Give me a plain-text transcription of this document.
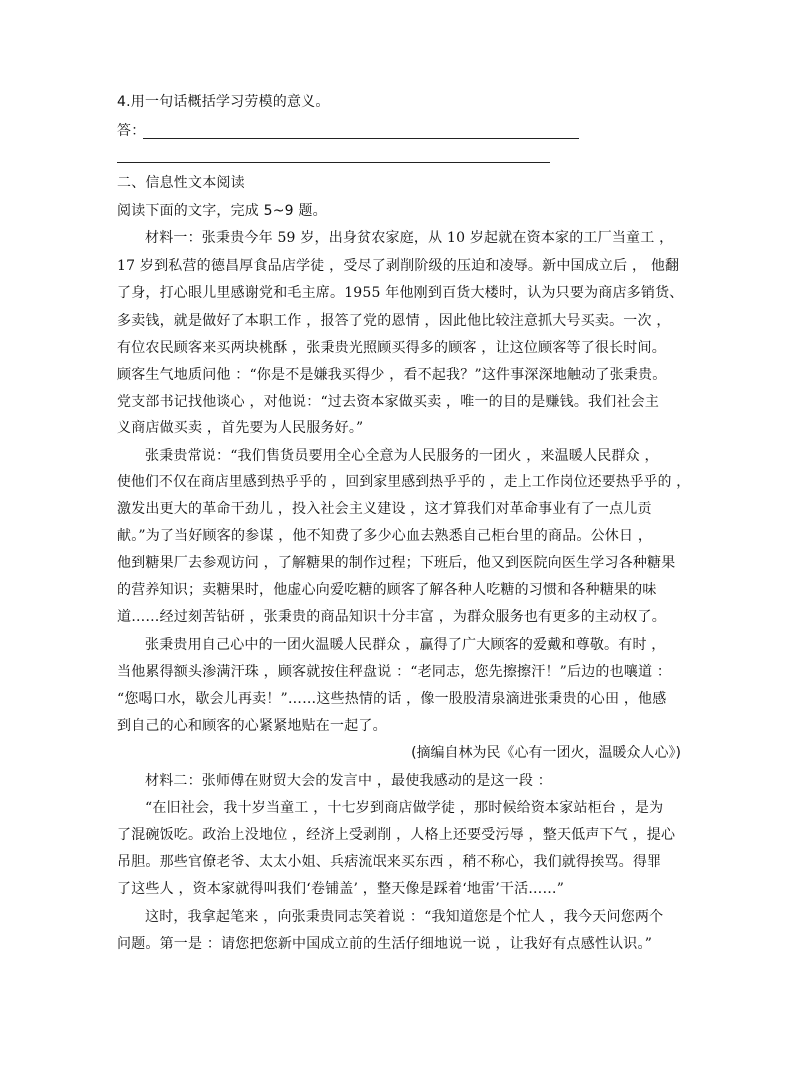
4.用一句话概括学习劳模的意义。
答：
二、信息性文本阅读
阅读下面的文字，完成 5~9 题。
材料一：张秉贵今年 59 岁，出身贫农家庭，从 10 岁起就在资本家的工厂当童工 ，
17 岁到私营的德昌厚食品店学徒 ，受尽了剥削阶级的压迫和凌辱。新中国成立后 ， 他翻
了身，打心眼儿里感谢党和毛主席。1955 年他刚到百货大楼时，认为只要为商店多销货、
多卖钱，就是做好了本职工作 ，报答了党的恩情 ，因此他比较注意抓大号买卖。一次 ，
有位农民顾客来买两块桃酥 ，张秉贵光照顾买得多的顾客 ，让这位顾客等了很长时间。
顾客生气地质问他 ：“你是不是嫌我买得少 ，看不起我？”这件事深深地触动了张秉贵。
党支部书记找他谈心 ，对他说：“过去资本家做买卖 ，唯一的目的是赚钱。我们社会主
义商店做买卖 ，首先要为人民服务好。”
张秉贵常说：“我们售货员要用全心全意为人民服务的一团火 ，来温暖人民群众 ，
使他们不仅在商店里感到热乎乎的 ，回到家里感到热乎乎的 ，走上工作岗位还要热乎乎的 ，
激发出更大的革命干劲儿 ，投入社会主义建设 ，这才算我们对革命事业有了一点儿贡
献。”为了当好顾客的参谋 ，他不知费了多少心血去熟悉自己柜台里的商品。公休日 ，
他到糖果厂去参观访问 ，了解糖果的制作过程；下班后，他又到医院向医生学习各种糖果
的营养知识；卖糖果时，他虚心向爱吃糖的顾客了解各种人吃糖的习惯和各种糖果的味
道……经过刻苦钻研 ，张秉贵的商品知识十分丰富 ，为群众服务也有更多的主动权了。
张秉贵用自己心中的一团火温暖人民群众 ，赢得了广大顾客的爱戴和尊敬。有时 ，
当他累得额头渗满汗珠 ，顾客就按住秤盘说 ：“老同志，您先擦擦汗！”后边的也嚷道 ：
“您喝口水，歇会儿再卖！”……这些热情的话 ，像一股股清泉滴进张秉贵的心田 ，他感
到自己的心和顾客的心紧紧地贴在一起了。
(摘编自林为民《心有一团火，温暖众人心》)
材料二：张师傅在财贸大会的发言中 ，最使我感动的是这一段 ：
“在旧社会，我十岁当童工 ，十七岁到商店做学徒 ，那时候给资本家站柜台 ，是为
了混碗饭吃。政治上没地位 ，经济上受剥削 ，人格上还要受污辱 ，整天低声下气 ，提心
吊胆。那些官僚老爷、太太小姐、兵痞流氓来买东西 ，稍不称心，我们就得挨骂。得罪
了这些人 ，资本家就得叫我们‘卷铺盖’ ，整天像是踩着‘地雷’干活……”
这时，我拿起笔来 ，向张秉贵同志笑着说 ：“我知道您是个忙人 ，我今天问您两个
问题。第一是 ：请您把您新中国成立前的生活仔细地说一说 ，让我好有点感性认识。”
